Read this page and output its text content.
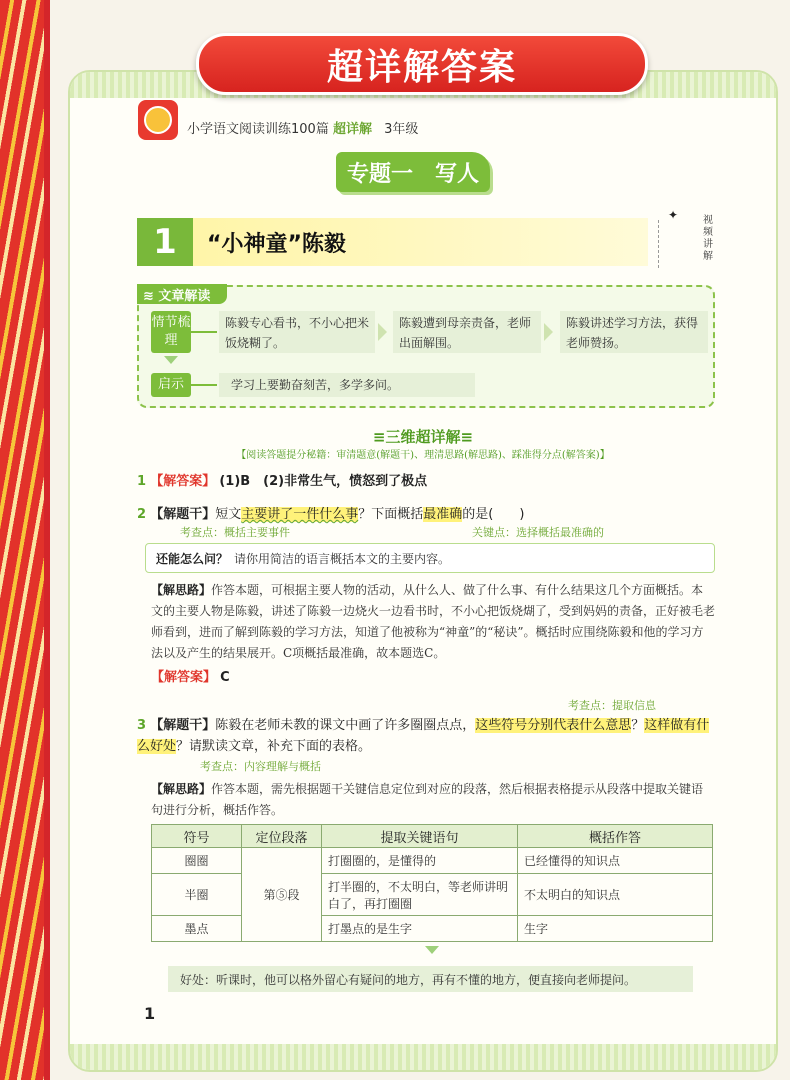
超详解答案
小学语文阅读训练100篇 超详解 3年级
专题一　写人
1	“小神童”陈毅
✦ 视频讲解
≋ 文章解读
情节梳理
陈毅专心看书，不小心把米饭烧糊了。
陈毅遭到母亲责备，老师出面解围。
陈毅讲述学习方法，获得老师赞扬。
启示	学习上要勤奋刻苦，多学多问。
≡三维超详解≡
【阅读答题提分秘籍：审清题意(解题干)、理清思路(解思路)、踩准得分点(解答案)】
1 【解答案】 (1)B　(2)非常生气，愤怒到了极点
2 【解题干】短文主要讲了一件什么事？下面概括最准确的是(　　)
考查点：概括主要事件	关键点：选择概括最准确的
还能怎么问？ 请你用简洁的语言概括本文的主要内容。
【解思路】作答本题，可根据主要人物的活动，从什么人、做了什么事、有什么结果这几个方面概括。本文的主要人物是陈毅，讲述了陈毅一边烧火一边看书时，不小心把饭烧煳了，受到妈妈的责备，正好被毛老师看到，进而了解到陈毅的学习方法，知道了他被称为“神童”的“秘诀”。概括时应围绕陈毅和他的学习方法以及产生的结果展开。C项概括最准确，故本题选C。
【解答案】 C
考查点：提取信息
3 【解题干】陈毅在老师未教的课文中画了许多圈圈点点，这些符号分别代表什么意思？这样做有什么好处？请默读文章，补充下面的表格。
考查点：内容理解与概括
【解思路】作答本题，需先根据题干关键信息定位到对应的段落，然后根据表格提示从段落中提取关键语句进行分析，概括作答。
符号	定位段落	提取关键语句	概括作答
圈圈	第⑤段	打圈圈的，是懂得的	已经懂得的知识点
半圈		打半圈的，不太明白，等老师讲明白了，再打圈圈	不太明白的知识点
墨点		打墨点的是生字	生字
好处：听课时，他可以格外留心有疑问的地方，再有不懂的地方，便直接向老师提问。
1
